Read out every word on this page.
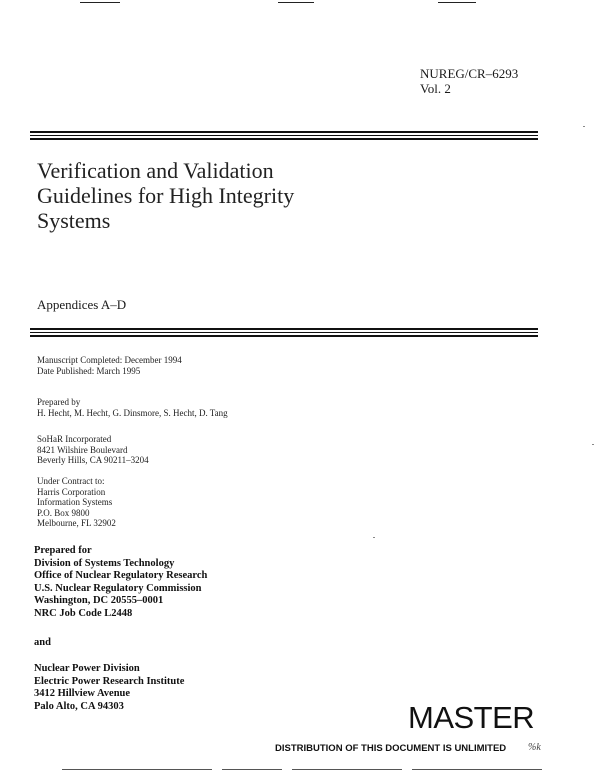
NUREG/CR–6293
Vol. 2
Verification and Validation
Guidelines for High Integrity
Systems
Appendices A–D
Manuscript Completed: December 1994
Date Published: March 1995
Prepared by
H. Hecht, M. Hecht, G. Dinsmore, S. Hecht, D. Tang
SoHaR Incorporated
8421 Wilshire Boulevard
Beverly Hills, CA 90211–3204
Under Contract to:
Harris Corporation
Information Systems
P.O. Box 9800
Melbourne, FL 32902
Prepared for
Division of Systems Technology
Office of Nuclear Regulatory Research
U.S. Nuclear Regulatory Commission
Washington, DC 20555–0001
NRC Job Code L2448
and
Nuclear Power Division
Electric Power Research Institute
3412 Hillview Avenue
Palo Alto, CA 94303	MASTER
DISTRIBUTION OF THIS DOCUMENT IS UNLIMITED %k
